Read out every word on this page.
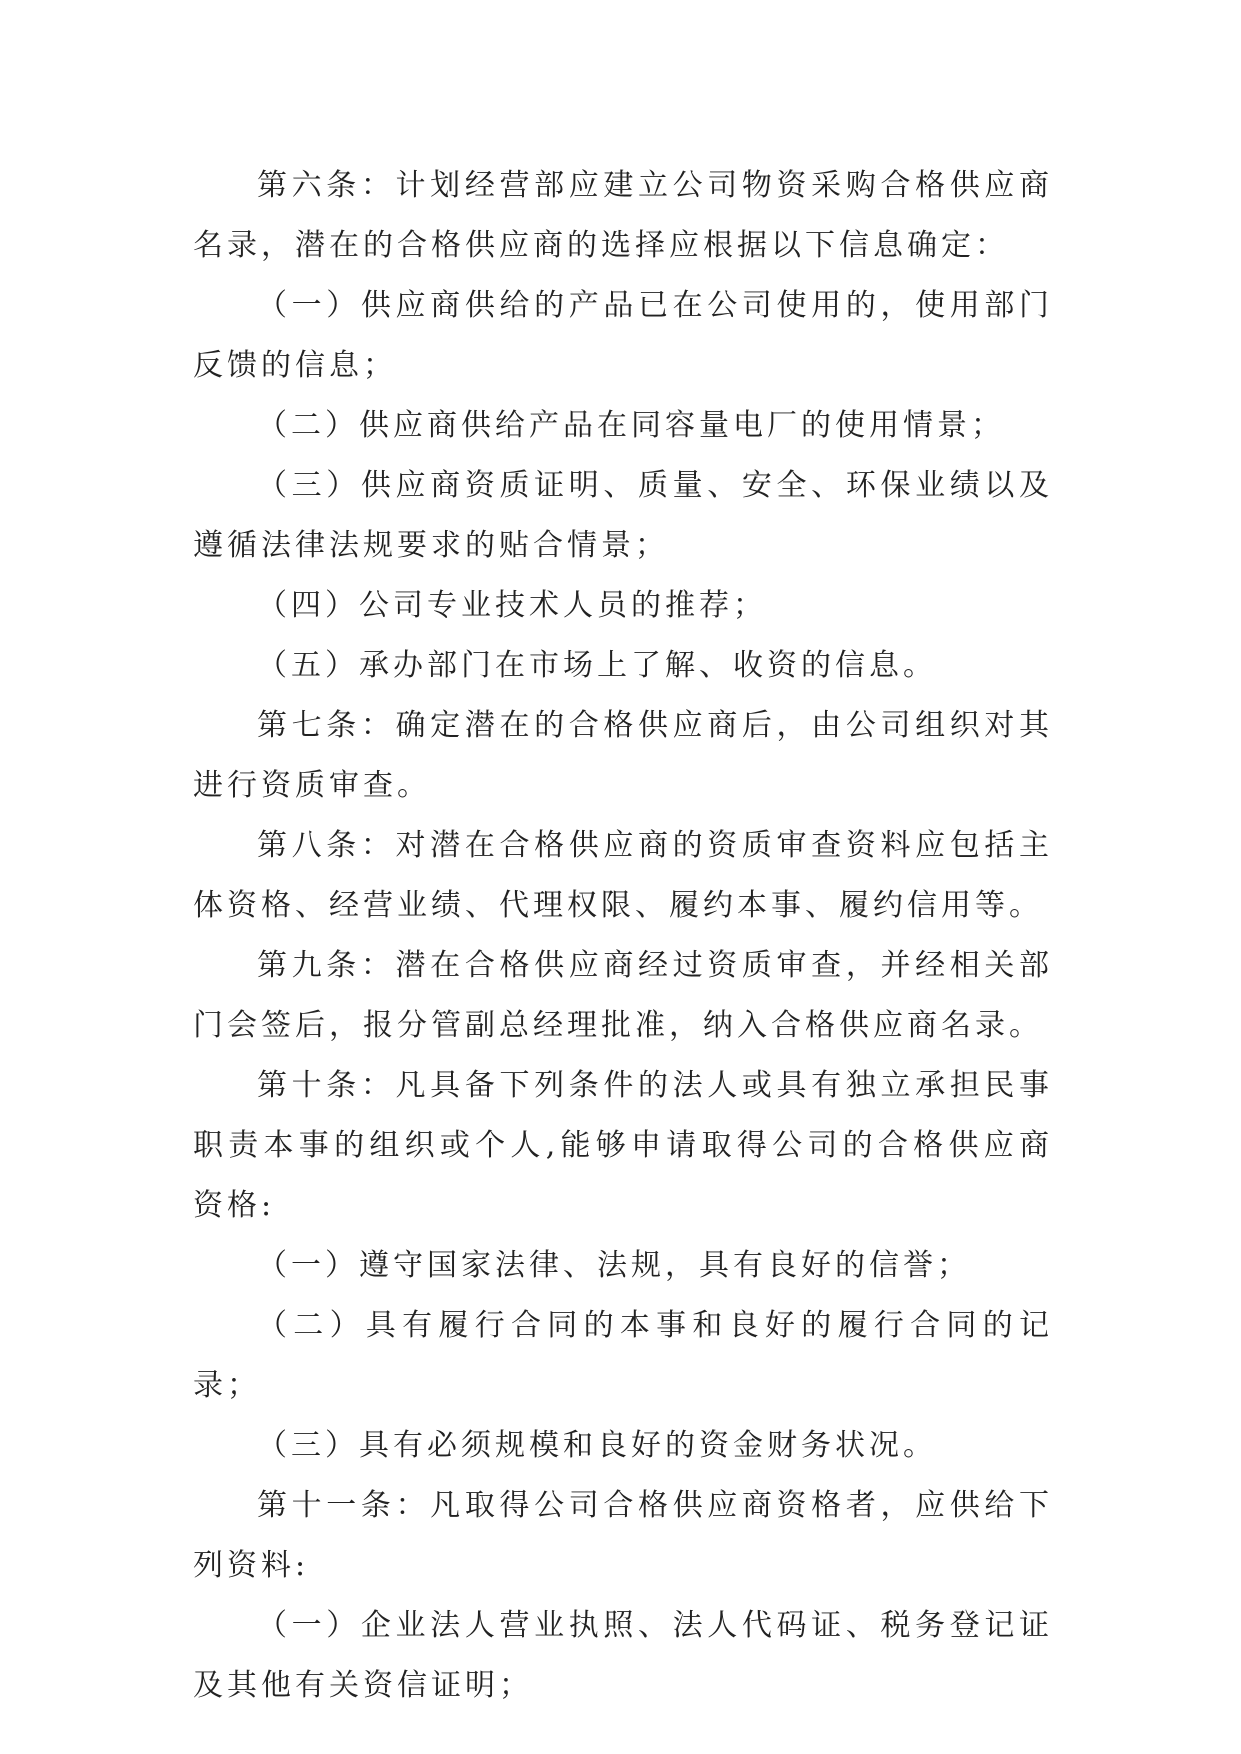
第六条：计划经营部应建立公司物资采购合格供应商名录，潜在的合格供应商的选择应根据以下信息确定：

（一）供应商供给的产品已在公司使用的，使用部门反馈的信息；

（二）供应商供给产品在同容量电厂的使用情景；

（三）供应商资质证明、质量、安全、环保业绩以及遵循法律法规要求的贴合情景；

（四）公司专业技术人员的推荐；

（五）承办部门在市场上了解、收资的信息。

第七条：确定潜在的合格供应商后，由公司组织对其进行资质审查。

第八条：对潜在合格供应商的资质审查资料应包括主体资格、经营业绩、代理权限、履约本事、履约信用等。

第九条：潜在合格供应商经过资质审查，并经相关部门会签后，报分管副总经理批准，纳入合格供应商名录。

第十条：凡具备下列条件的法人或具有独立承担民事职责本事的组织或个人,能够申请取得公司的合格供应商资格:

（一）遵守国家法律、法规，具有良好的信誉；

（二）具有履行合同的本事和良好的履行合同的记录；

（三）具有必须规模和良好的资金财务状况。

第十一条：凡取得公司合格供应商资格者，应供给下列资料:

（一）企业法人营业执照、法人代码证、税务登记证及其他有关资信证明；
